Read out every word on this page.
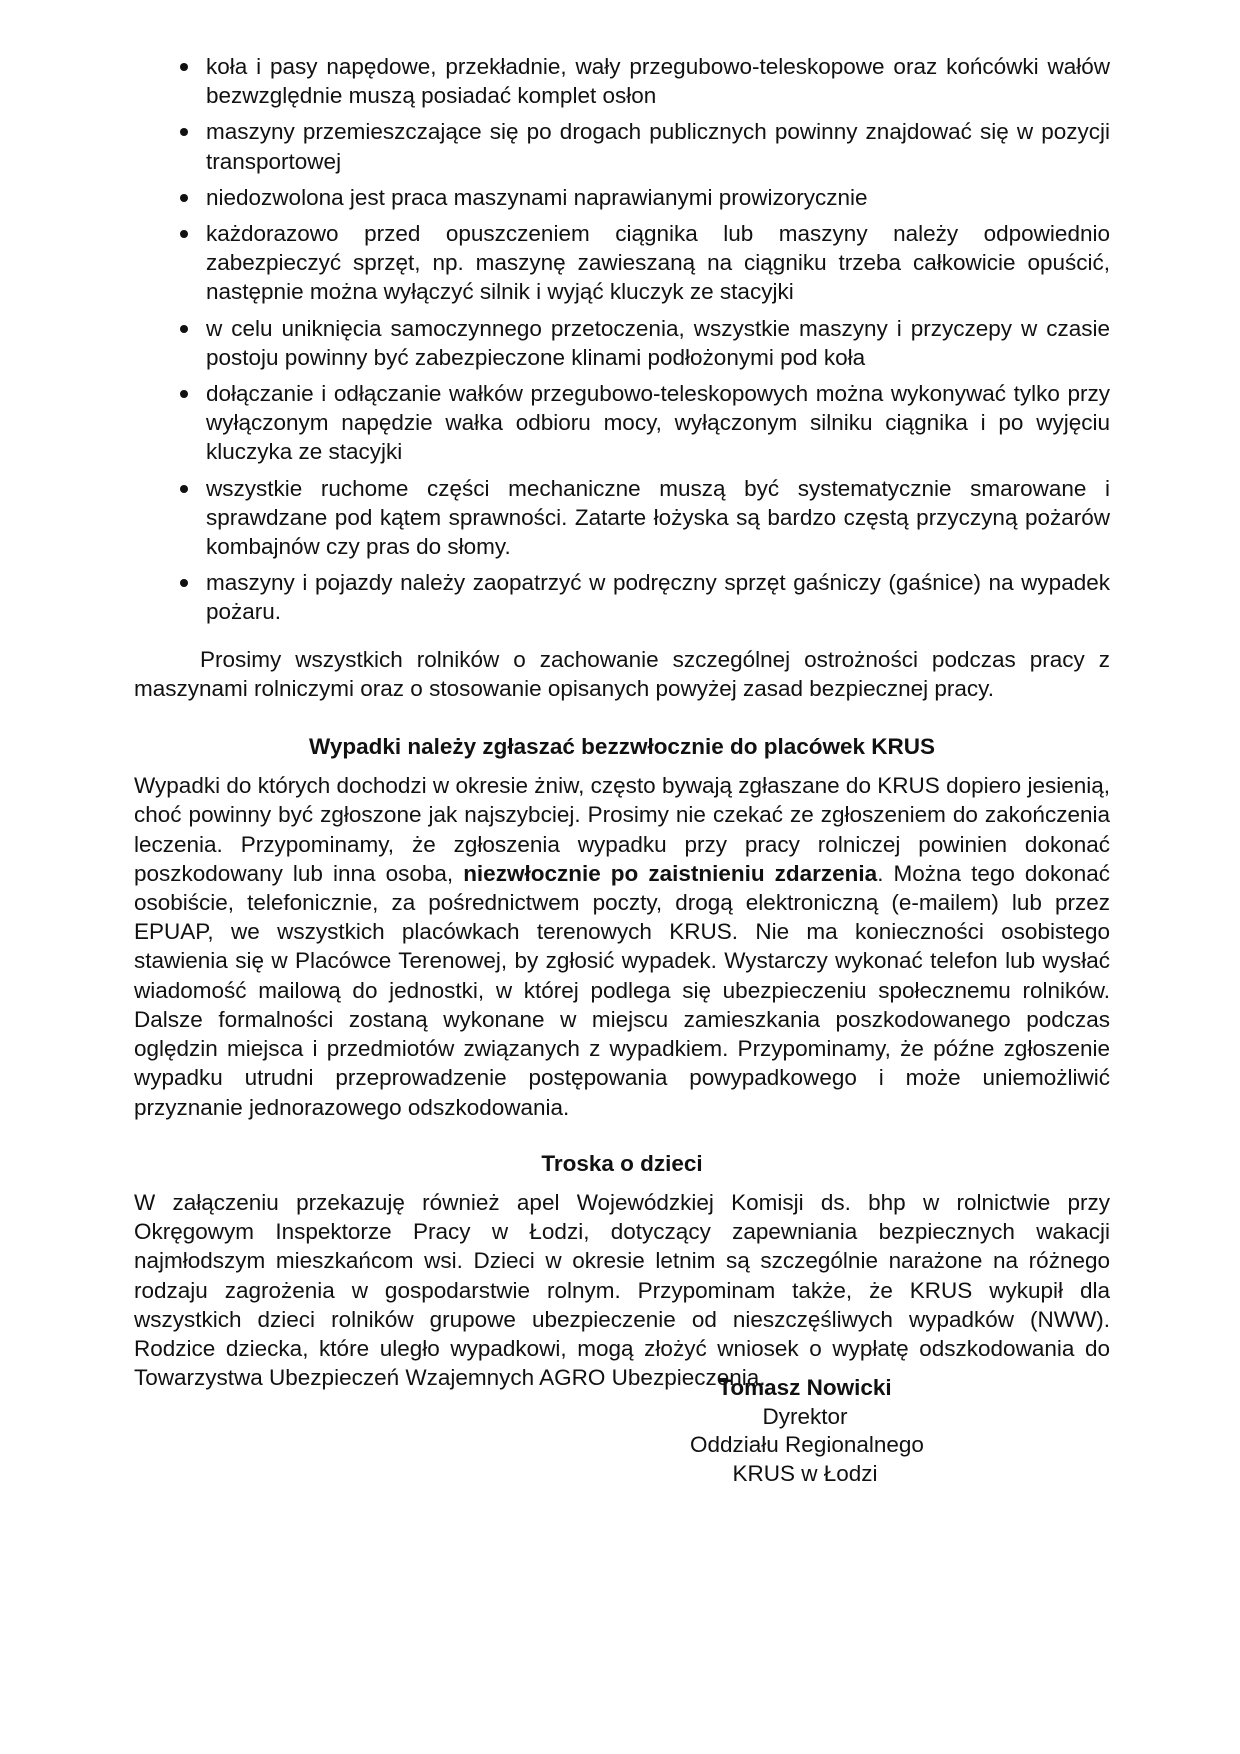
koła i pasy napędowe, przekładnie, wały przegubowo-teleskopowe oraz końcówki wałów bezwzględnie muszą posiadać komplet osłon
maszyny przemieszczające się po drogach publicznych powinny znajdować się w pozycji transportowej
niedozwolona jest praca maszynami naprawianymi prowizorycznie
każdorazowo przed opuszczeniem ciągnika lub maszyny należy odpowiednio zabezpieczyć sprzęt, np. maszynę zawieszaną na ciągniku trzeba całkowicie opuścić, następnie można wyłączyć silnik i wyjąć kluczyk ze stacyjki
w celu uniknięcia samoczynnego przetoczenia, wszystkie maszyny i przyczepy w czasie postoju powinny być zabezpieczone klinami podłożonymi pod koła
dołączanie i odłączanie wałków przegubowo-teleskopowych można wykonywać tylko przy wyłączonym napędzie wałka odbioru mocy, wyłączonym silniku ciągnika i po wyjęciu kluczyka ze stacyjki
wszystkie ruchome części mechaniczne muszą być systematycznie smarowane i sprawdzane pod kątem sprawności. Zatarte łożyska są bardzo częstą przyczyną pożarów kombajnów czy pras do słomy.
maszyny i pojazdy należy zaopatrzyć w podręczny sprzęt gaśniczy (gaśnice) na wypadek pożaru.

Prosimy wszystkich rolników o zachowanie szczególnej ostrożności podczas pracy z maszynami rolniczymi oraz o stosowanie opisanych powyżej zasad bezpiecznej pracy.

Wypadki należy zgłaszać bezzwłocznie do placówek KRUS

Wypadki do których dochodzi w okresie żniw, często bywają zgłaszane do KRUS dopiero jesienią, choć powinny być zgłoszone jak najszybciej. Prosimy nie czekać ze zgłoszeniem do zakończenia leczenia. Przypominamy, że zgłoszenia wypadku przy pracy rolniczej powinien dokonać poszkodowany lub inna osoba, niezwłocznie po zaistnieniu zdarzenia. Można tego dokonać osobiście, telefonicznie, za pośrednictwem poczty, drogą elektroniczną (e-mailem) lub przez EPUAP, we wszystkich placówkach terenowych KRUS. Nie ma konieczności osobistego stawienia się w Placówce Terenowej, by zgłosić wypadek. Wystarczy wykonać telefon lub wysłać wiadomość mailową do jednostki, w której podlega się ubezpieczeniu społecznemu rolników. Dalsze formalności zostaną wykonane w miejscu zamieszkania poszkodowanego podczas oględzin miejsca i przedmiotów związanych z wypadkiem. Przypominamy, że późne zgłoszenie wypadku utrudni przeprowadzenie postępowania powypadkowego i może uniemożliwić przyznanie jednorazowego odszkodowania.

Troska o dzieci

W załączeniu przekazuję również apel Wojewódzkiej Komisji ds. bhp w rolnictwie przy Okręgowym Inspektorze Pracy w Łodzi, dotyczący zapewniania bezpiecznych wakacji najmłodszym mieszkańcom wsi. Dzieci w okresie letnim są szczególnie narażone na różnego rodzaju zagrożenia w gospodarstwie rolnym. Przypominam także, że KRUS wykupił dla wszystkich dzieci rolników grupowe ubezpieczenie od nieszczęśliwych wypadków (NWW). Rodzice dziecka, które uległo wypadkowi, mogą złożyć wniosek o wypłatę odszkodowania do Towarzystwa Ubezpieczeń Wzajemnych AGRO Ubezpieczenia.

Tomasz Nowicki
Dyrektor
Oddziału Regionalnego
KRUS w Łodzi
